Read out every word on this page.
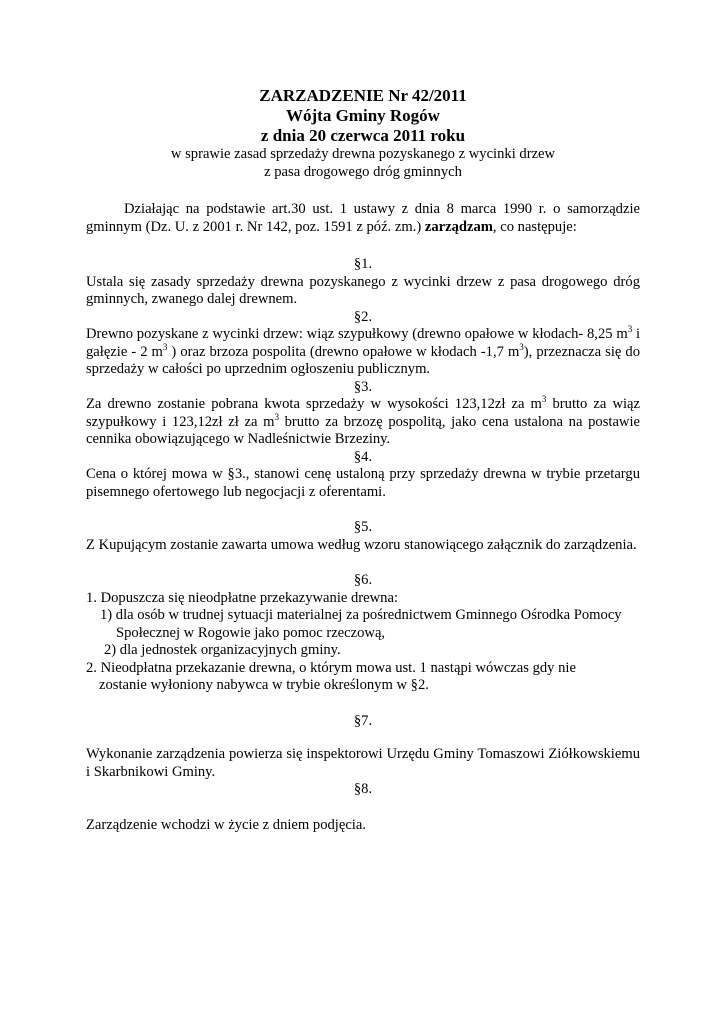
ZARZADZENIE Nr 42/2011
Wójta Gminy Rogów
z dnia 20 czerwca 2011 roku
w sprawie zasad sprzedaży drewna pozyskanego z wycinki drzew
z pasa drogowego dróg gminnych
Działając na podstawie art.30 ust. 1 ustawy z dnia 8 marca 1990 r. o samorządzie gminnym (Dz. U. z 2001 r. Nr 142, poz. 1591 z póź. zm.) zarządzam, co następuje:
§1.
Ustala się zasady sprzedaży drewna pozyskanego z wycinki drzew z pasa drogowego dróg gminnych, zwanego dalej drewnem.
§2.
Drewno pozyskane z wycinki drzew: wiąz szypułkowy (drewno opałowe w kłodach- 8,25 $m^3$ i gałęzie - 2 $m^3$ ) oraz brzoza pospolita (drewno opałowe w kłodach -1,7 $m^3$), przeznacza się do sprzedaży w całości po uprzednim ogłoszeniu publicznym.
§3.
Za drewno zostanie pobrana kwota sprzedaży w wysokości 123,12zł za $m^3$ brutto za wiąz szypułkowy i 123,12zł zł za $m^3$ brutto za brzozę pospolitą, jako cena ustalona na postawie cennika obowiązującego w Nadleśnictwie Brzeziny.
§4.
Cena o której mowa w §3., stanowi cenę ustaloną przy sprzedaży drewna w trybie przetargu pisemnego ofertowego lub negocjacji z oferentami.
§5.
Z Kupującym zostanie zawarta umowa według wzoru stanowiącego załącznik do zarządzenia.
§6.
1. Dopuszcza się nieodpłatne przekazywanie drewna:
1) dla osób w trudnej sytuacji materialnej za pośrednictwem Gminnego Ośrodka Pomocy
Społecznej w Rogowie jako pomoc rzeczową,
2) dla jednostek organizacyjnych gminy.
2. Nieodpłatna przekazanie drewna, o którym mowa ust. 1 nastąpi wówczas gdy nie
zostanie wyłoniony nabywca w trybie określonym w §2.
§7.
Wykonanie zarządzenia powierza się inspektorowi Urzędu Gminy Tomaszowi Ziółkowskiemu i Skarbnikowi Gminy.
§8.
Zarządzenie wchodzi w życie z dniem podjęcia.
